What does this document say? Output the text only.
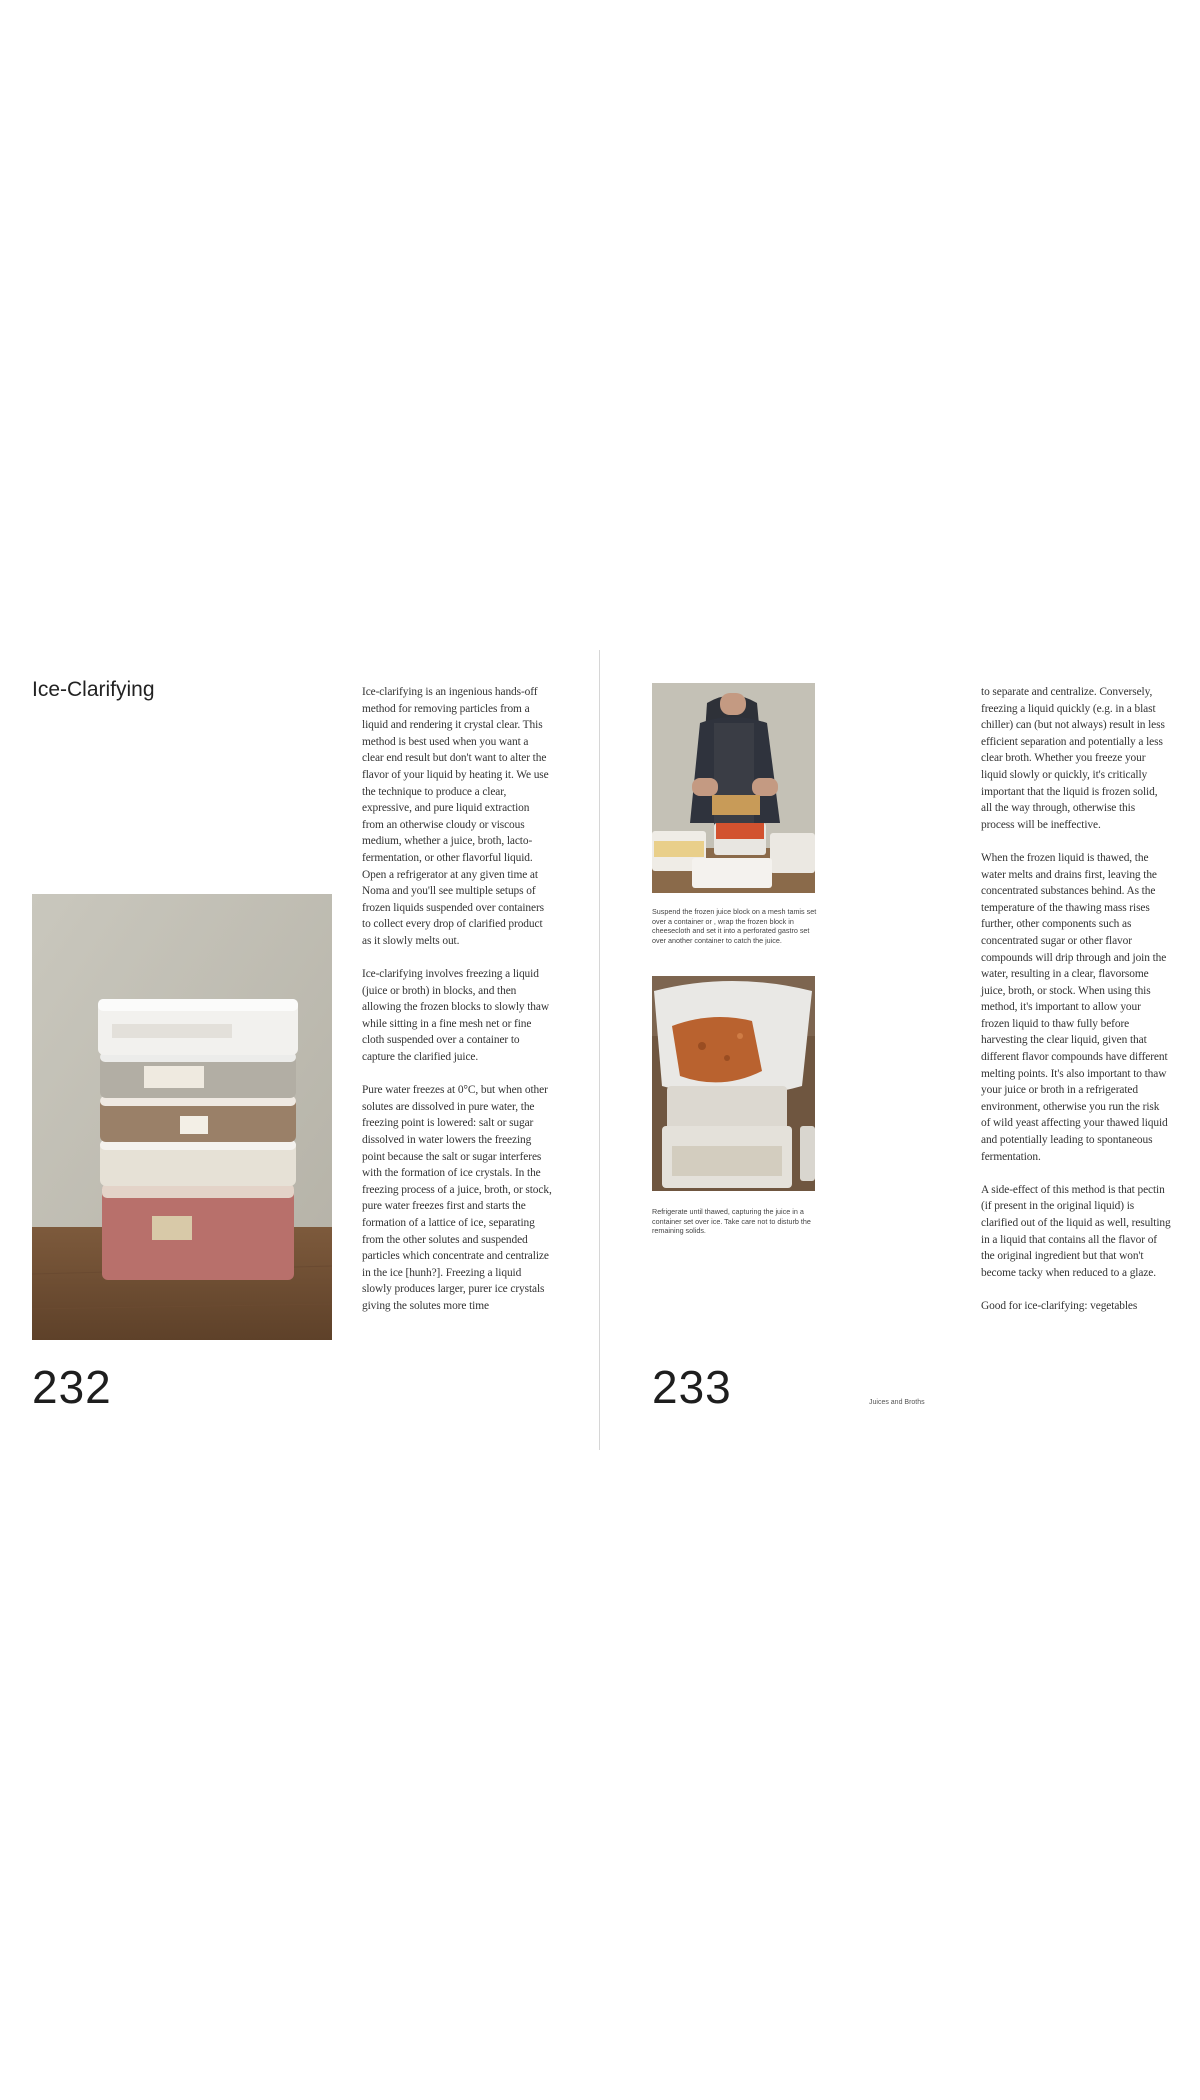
Ice-Clarifying	Ice-clarifying is an ingenious hands-off method for removing particles from a liquid and rendering it crystal clear. This method is best used when you want a clear end result but don't want to alter the flavor of your liquid by heating it. We use the technique to produce a clear, expressive, and pure liquid extraction from an otherwise cloudy or viscous medium, whether a juice, broth, lacto-fermentation, or other flavorful liquid. Open a refrigerator at any given time at Noma and you'll see multiple setups of frozen liquids suspended over containers to collect every drop of clarified product as it slowly melts out.

Ice-clarifying involves freezing a liquid (juice or broth) in blocks, and then allowing the frozen blocks to slowly thaw while sitting in a fine mesh net or fine cloth suspended over a container to capture the clarified juice.

Pure water freezes at 0°C, but when other solutes are dissolved in pure water, the freezing point is lowered: salt or sugar dissolved in water lowers the freezing point because the salt or sugar interferes with the formation of ice crystals. In the freezing process of a juice, broth, or stock, pure water freezes first and starts the formation of a lattice of ice, separating from the other solutes and suspended particles which concentrate and centralize in the ice [hunh?]. Freezing a liquid slowly produces larger, purer ice crystals giving the solutes more time

232

Suspend the frozen juice block on a mesh tamis set over a container or , wrap the frozen block in cheesecloth and set it into a perforated gastro set over another container to catch the juice.

Refrigerate until thawed, capturing the juice in a container set over ice. Take care not to disturb the remaining solids.

to separate and centralize. Conversely, freezing a liquid quickly (e.g. in a blast chiller) can (but not always) result in less efficient separation and potentially a less clear broth. Whether you freeze your liquid slowly or quickly, it's critically important that the liquid is frozen solid, all the way through, otherwise this process will be ineffective.

When the frozen liquid is thawed, the water melts and drains first, leaving the concentrated substances behind. As the temperature of the thawing mass rises further, other components such as concentrated sugar or other flavor compounds will drip through and join the water, resulting in a clear, flavorsome juice, broth, or stock. When using this method, it's important to allow your frozen liquid to thaw fully before harvesting the clear liquid, given that different flavor compounds have different melting points. It's also important to thaw your juice or broth in a refrigerated environment, otherwise you run the risk of wild yeast affecting your thawed liquid and potentially leading to spontaneous fermentation.

A side-effect of this method is that pectin (if present in the original liquid) is clarified out of the liquid as well, resulting in a liquid that contains all the flavor of the original ingredient but that won't become tacky when reduced to a glaze.

Good for ice-clarifying: vegetables

233	Juices and Broths
